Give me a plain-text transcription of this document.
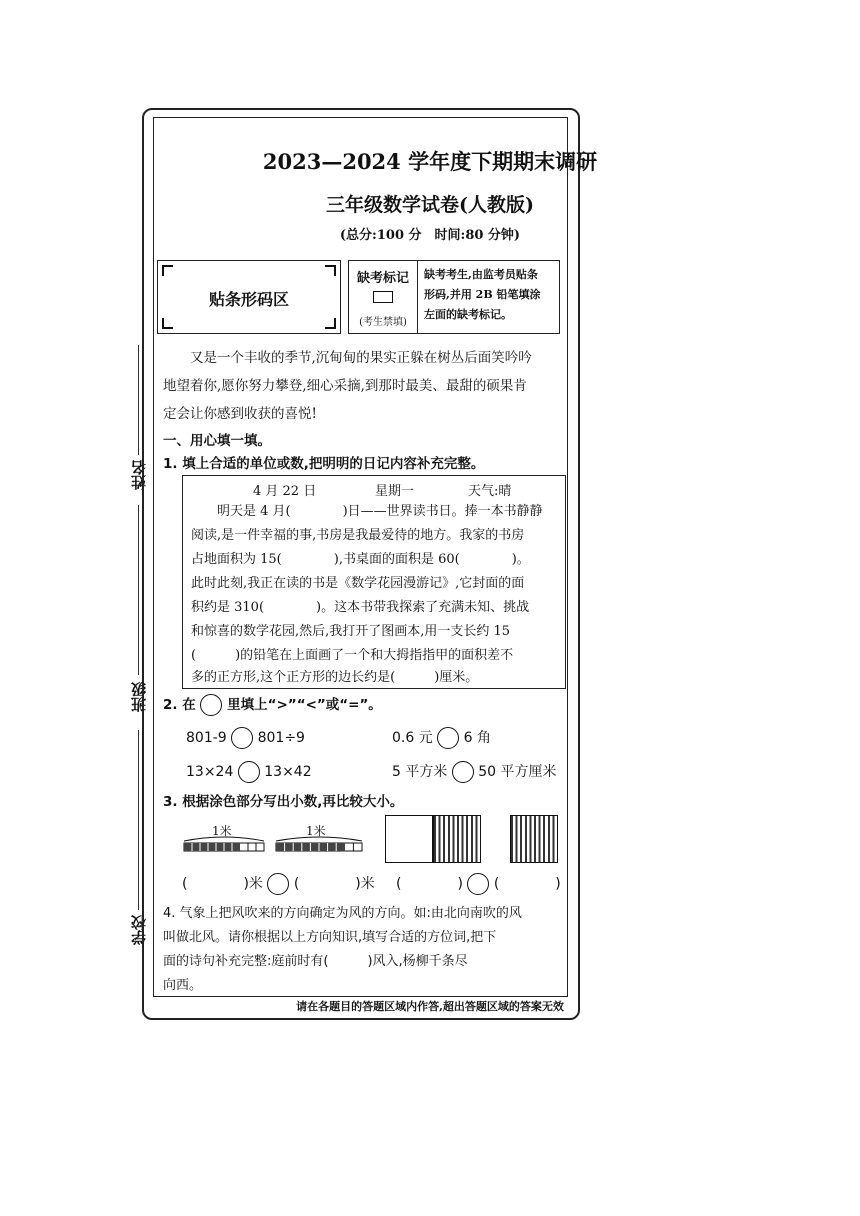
姓名
班级
学校
2023—2024 学年度下期期末调研
三年级数学试卷(人教版)
(总分:100 分　时间:80 分钟)
贴条形码区
缺考标记
(考生禁填)
缺考考生,由监考员贴条
形码,并用 2B 铅笔填涂
左面的缺考标记。
　　又是一个丰收的季节,沉甸甸的果实正躲在树丛后面笑吟吟
地望着你,愿你努力攀登,细心采摘,到那时最美、最甜的硕果肯
定会让你感到收获的喜悦!
一、用心填一填。
1. 填上合适的单位或数,把明明的日记内容补充完整。
4 月 22 日	星期一	天气:晴
　　明天是 4 月(　　　　)日——世界读书日。捧一本书静静
阅读,是一件幸福的事,书房是我最爱待的地方。我家的书房
占地面积为 15(　　　　),书桌面的面积是 60(　　　　)。
此时此刻,我正在读的书是《数学花园漫游记》,它封面的面
积约是 310(　　　　)。这本书带我探索了充满未知、挑战
和惊喜的数学花园,然后,我打开了图画本,用一支长约 15
(　　　)的铅笔在上面画了一个和大拇指指甲的面积差不
多的正方形,这个正方形的边长约是(　　　)厘米。
2. 在 里填上“>”“<”或“=”。
801-9 801÷9	0.6 元 6 角
13×24 13×42	5 平方米 50 平方厘米
3. 根据涂色部分写出小数,再比较大小。
1米	1米
(　　　　)米 (　　　　)米 (　　　　) (　　　　)
4. 气象上把风吹来的方向确定为风的方向。如:由北向南吹的风
叫做北风。请你根据以上方向知识,填写合适的方位词,把下
面的诗句补充完整:庭前时有(　　　)风入,杨柳千条尽
向西。
请在各题目的答题区域内作答,超出答题区域的答案无效
